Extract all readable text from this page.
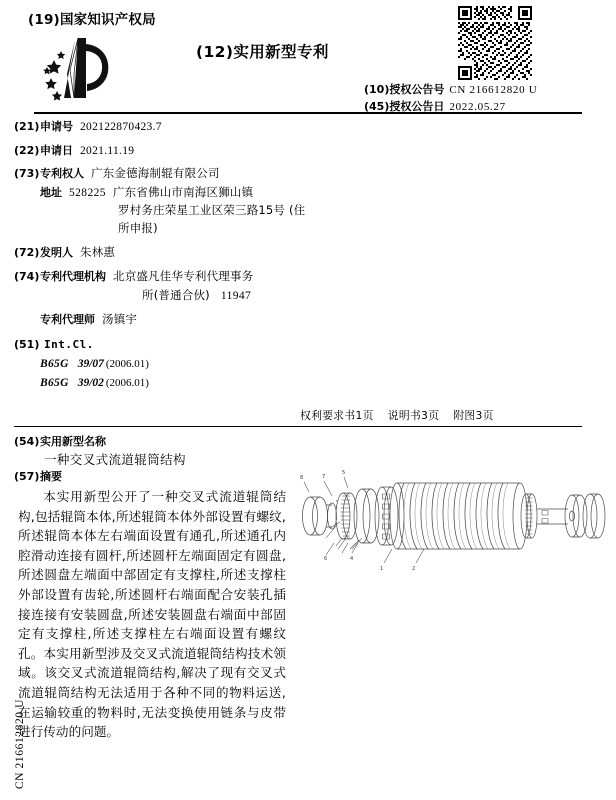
CN 216612820 U
(19)国家知识产权局
(12)实用新型专利
(10) 授权公告号 CN 216612820 U
(45) 授权公告日 2022.05.27
(21) 申请号 202122870423.7
(22) 申请日 2021.11.19
(73) 专利权人 广东金德海制辊有限公司
地址 528225 广东省佛山市南海区狮山镇
罗村务庄荣星工业区荣三路15号 (住
所申报)
(72) 发明人 朱林惠
(74) 专利代理机构 北京盛凡佳华专利代理事务
所(普通合伙) 11947
专利代理师 汤镇宇
(51) Int.Cl.
B65G 39/07 (2006.01)
B65G 39/02 (2006.01)
权利要求书1页 说明书3页 附图3页
(54) 实用新型名称
一种交叉式流道辊筒结构
(57) 摘要

本实用新型公开了一种交叉式流道辊筒结构,包括辊筒本体,所述辊筒本体外部设置有螺纹,所述辊筒本体左右端面设置有通孔,所述通孔内腔滑动连接有圆杆,所述圆杆左端面固定有圆盘,所述圆盘左端面中部固定有支撑柱,所述支撑柱外部设置有齿轮,所述圆杆右端面配合安装孔插接连接有安装圆盘,所述安装圆盘右端面中部固定有支撑柱,所述支撑柱左右端面设置有螺纹孔。本实用新型涉及交叉式流道辊筒结构技术领域。该交叉式流道辊筒结构,解决了现有交叉式流道辊筒结构无法适用于各种不同的物料运送,在运输较重的物料时,无法变换使用链条与皮带进行传动的问题。

8	7
5
6	4
1	2
